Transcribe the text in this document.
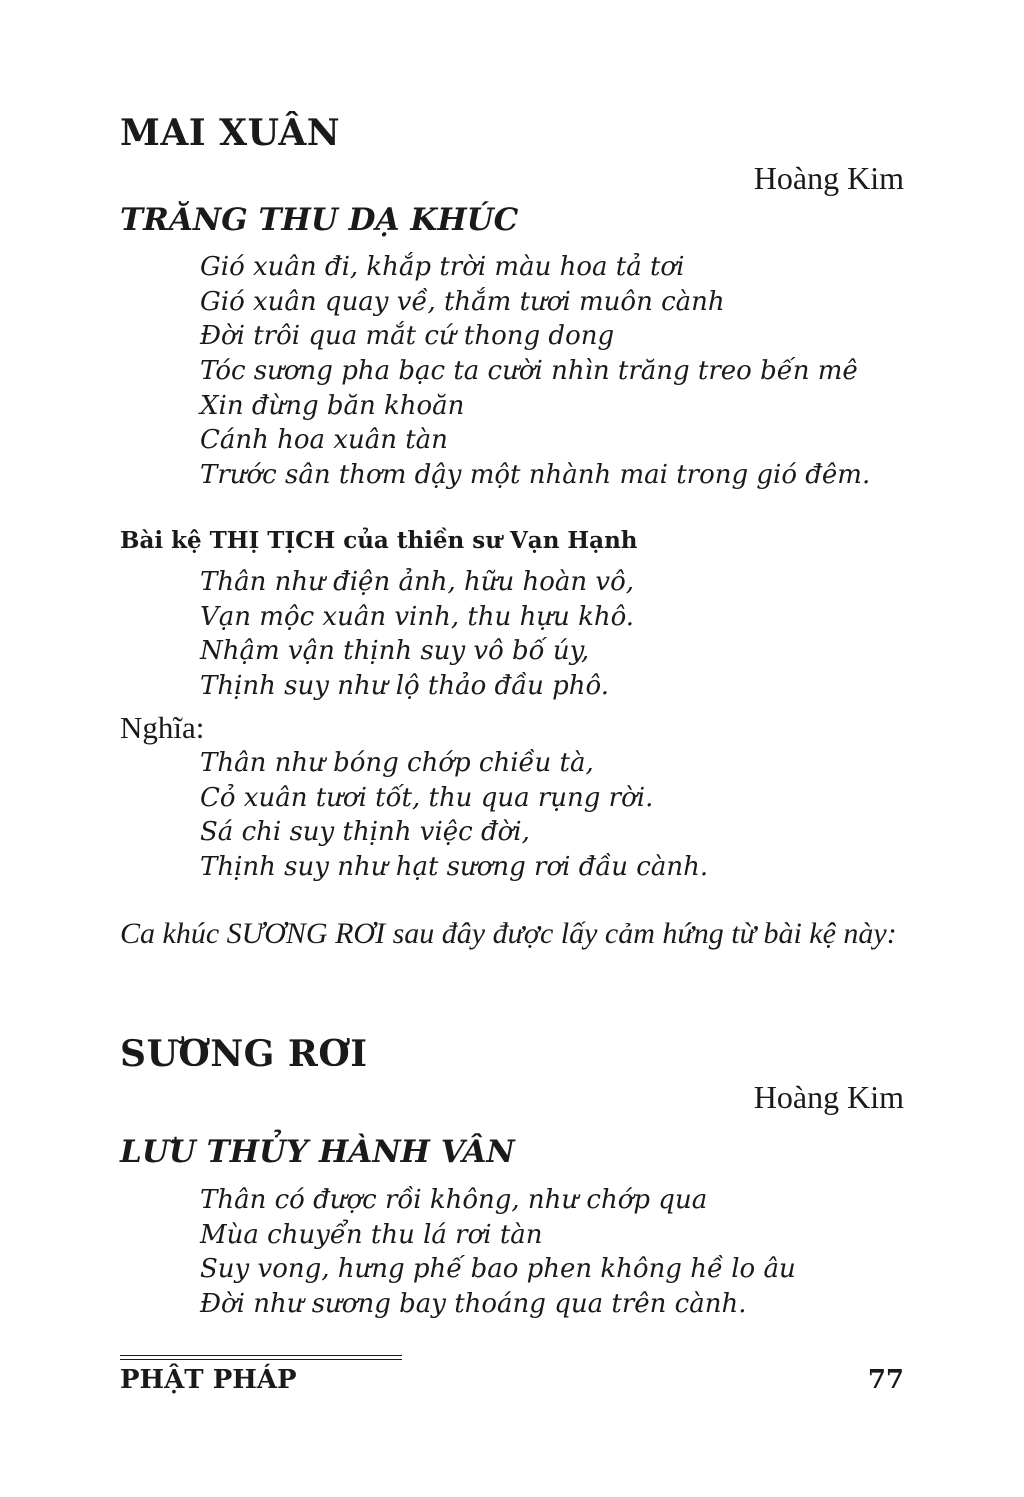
MAI XUÂN
Hoàng Kim
TRĂNG THU DẠ KHÚC
Gió xuân đi, khắp trời màu hoa tả tơi
Gió xuân quay về, thắm tươi muôn cành
Đời trôi qua mắt cứ thong dong
Tóc sương pha bạc ta cười nhìn trăng treo bến mê
Xin đừng băn khoăn
Cánh hoa xuân tàn
Trước sân thơm dậy một nhành mai trong gió đêm.
Bài kệ THỊ TỊCH của thiền sư Vạn Hạnh
Thân như điện ảnh, hữu hoàn vô,
Vạn mộc xuân vinh, thu hựu khô.
Nhậm vận thịnh suy vô bố úy,
Thịnh suy như lộ thảo đầu phô.
Nghĩa:
Thân như bóng chớp chiều tà,
Cỏ xuân tươi tốt, thu qua rụng rời.
Sá chi suy thịnh việc đời,
Thịnh suy như hạt sương rơi đầu cành.
Ca khúc SƯƠNG RƠI sau đây được lấy cảm hứng từ bài kệ này:
SƯƠNG RƠI
Hoàng Kim
LƯU THỦY HÀNH VÂN
Thân có được rồi không, như chớp qua
Mùa chuyển thu lá rơi tàn
Suy vong, hưng phế bao phen không hề lo âu
Đời như sương bay thoáng qua trên cành.
PHẬT PHÁP	77
